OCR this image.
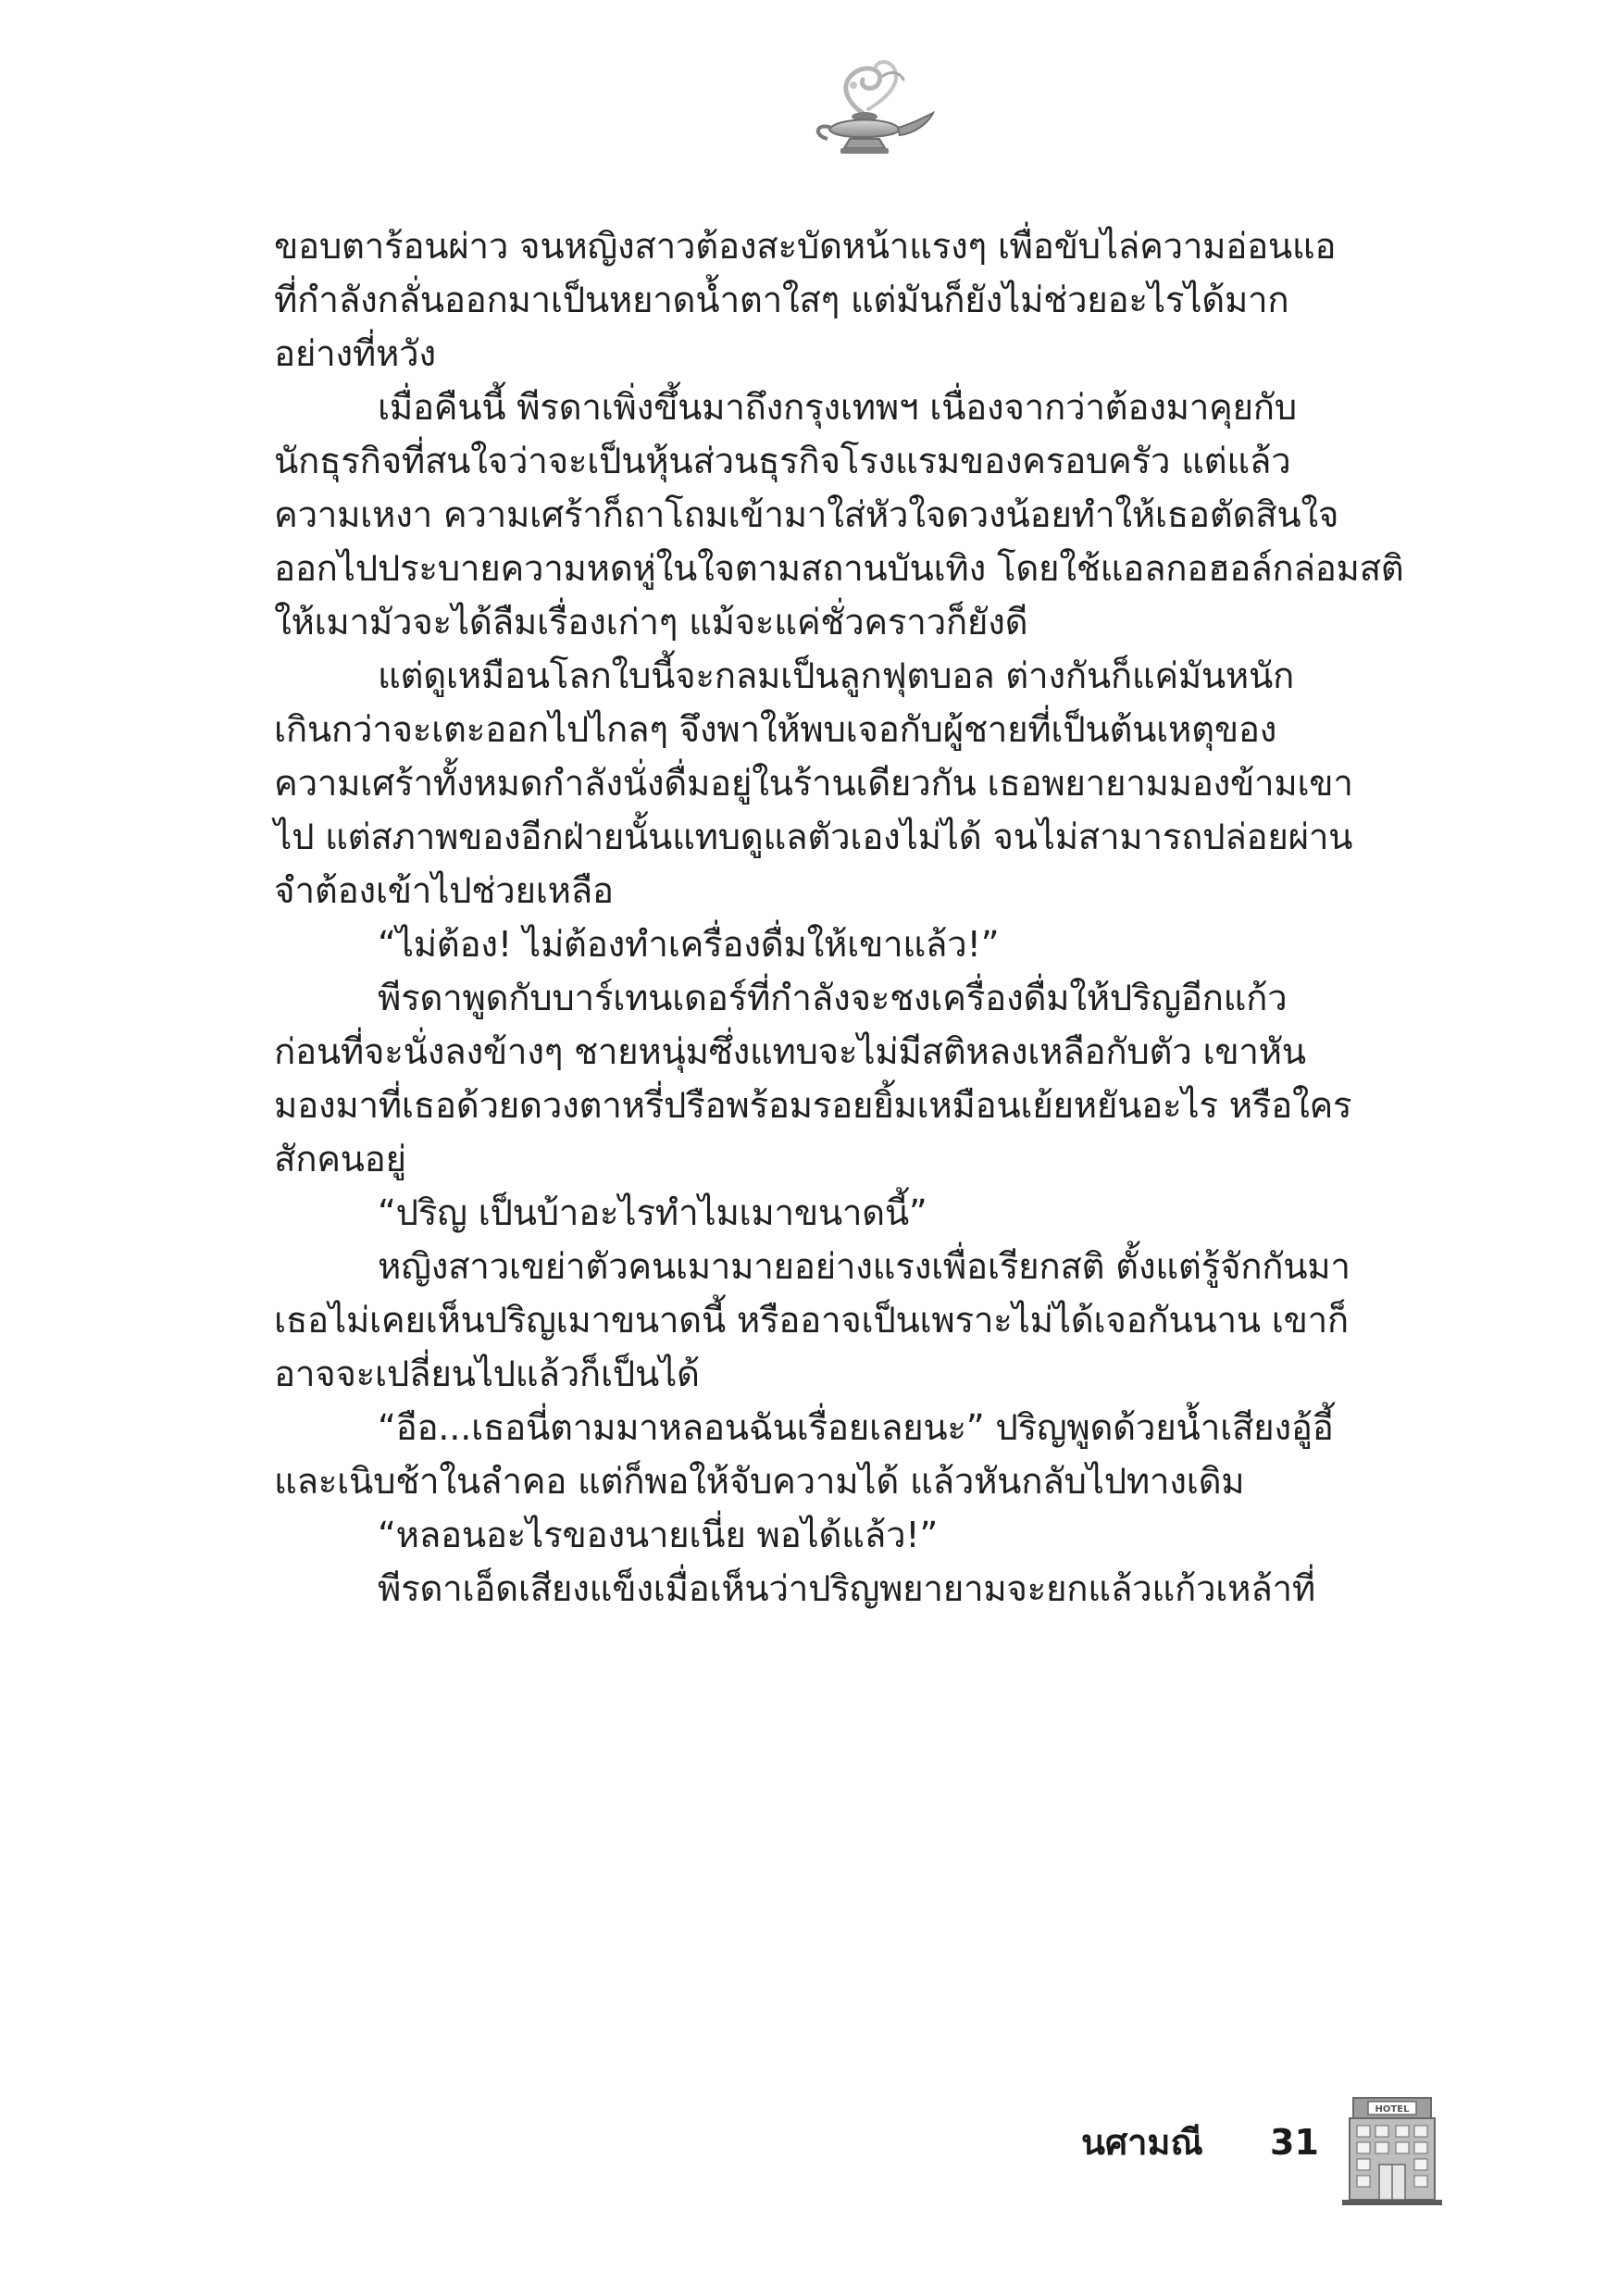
ขอบตาร้อนผ่าว จนหญิงสาวต้องสะบัดหน้าแรงๆ เพื่อขับไล่ความอ่อนแอ
ที่กำลังกลั่นออกมาเป็นหยาดน้ำตาใสๆ แต่มันก็ยังไม่ช่วยอะไรได้มาก
อย่างที่หวัง
เมื่อคืนนี้ พีรดาเพิ่งขึ้นมาถึงกรุงเทพฯ เนื่องจากว่าต้องมาคุยกับ
นักธุรกิจที่สนใจว่าจะเป็นหุ้นส่วนธุรกิจโรงแรมของครอบครัว แต่แล้ว
ความเหงา ความเศร้าก็ถาโถมเข้ามาใส่หัวใจดวงน้อยทำให้เธอตัดสินใจ
ออกไปประบายความหดหู่ในใจตามสถานบันเทิง โดยใช้แอลกอฮอล์กล่อมสติ
ให้เมามัวจะได้ลืมเรื่องเก่าๆ แม้จะแค่ชั่วคราวก็ยังดี
แต่ดูเหมือนโลกใบนี้จะกลมเป็นลูกฟุตบอล ต่างกันก็แค่มันหนัก
เกินกว่าจะเตะออกไปไกลๆ จึงพาให้พบเจอกับผู้ชายที่เป็นต้นเหตุของ
ความเศร้าทั้งหมดกำลังนั่งดื่มอยู่ในร้านเดียวกัน เธอพยายามมองข้ามเขา
ไป แต่สภาพของอีกฝ่ายนั้นแทบดูแลตัวเองไม่ได้ จนไม่สามารถปล่อยผ่าน
จำต้องเข้าไปช่วยเหลือ
“ไม่ต้อง! ไม่ต้องทำเครื่องดื่มให้เขาแล้ว!”
พีรดาพูดกับบาร์เทนเดอร์ที่กำลังจะชงเครื่องดื่มให้ปริญอีกแก้ว
ก่อนที่จะนั่งลงข้างๆ ชายหนุ่มซึ่งแทบจะไม่มีสติหลงเหลือกับตัว เขาหัน
มองมาที่เธอด้วยดวงตาหรี่ปรือพร้อมรอยยิ้มเหมือนเย้ยหยันอะไร หรือใคร
สักคนอยู่
“ปริญ เป็นบ้าอะไรทำไมเมาขนาดนี้”
หญิงสาวเขย่าตัวคนเมามายอย่างแรงเพื่อเรียกสติ ตั้งแต่รู้จักกันมา
เธอไม่เคยเห็นปริญเมาขนาดนี้ หรืออาจเป็นเพราะไม่ได้เจอกันนาน เขาก็
อาจจะเปลี่ยนไปแล้วก็เป็นได้
“อือ...เธอนี่ตามมาหลอนฉันเรื่อยเลยนะ” ปริญพูดด้วยน้ำเสียงอู้อี้
และเนิบช้าในลำคอ แต่ก็พอให้จับความได้ แล้วหันกลับไปทางเดิม
“หลอนอะไรของนายเนี่ย พอได้แล้ว!”
พีรดาเอ็ดเสียงแข็งเมื่อเห็นว่าปริญพยายามจะยกแล้วแก้วเหล้าที่
นศามณี 31
HOTEL
